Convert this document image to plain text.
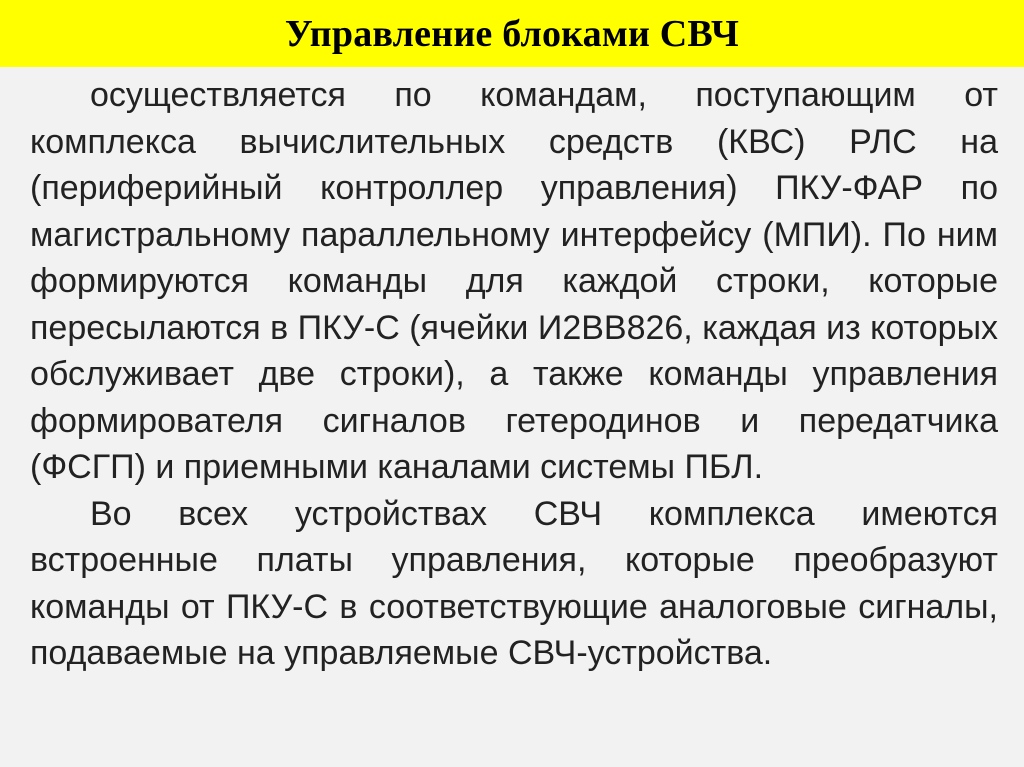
Управление блоками СВЧ

осуществляется по командам, поступающим от комплекса вычислительных средств (КВС) РЛС на (периферийный контроллер управления) ПКУ-ФАР по магистральному параллельному интерфейсу (МПИ). По ним формируются команды для каждой строки, которые пересылаются в ПКУ-С (ячейки И2ВВ826, каждая из которых обслуживает две строки), а также команды управления формирователя сигналов гетеродинов и передатчика (ФСГП) и приемными каналами системы ПБЛ.

Во всех устройствах СВЧ комплекса имеются встроенные платы управления, которые преобразуют команды от ПКУ-С в соответствующие аналоговые сигналы, подаваемые на управляемые СВЧ-устройства.
